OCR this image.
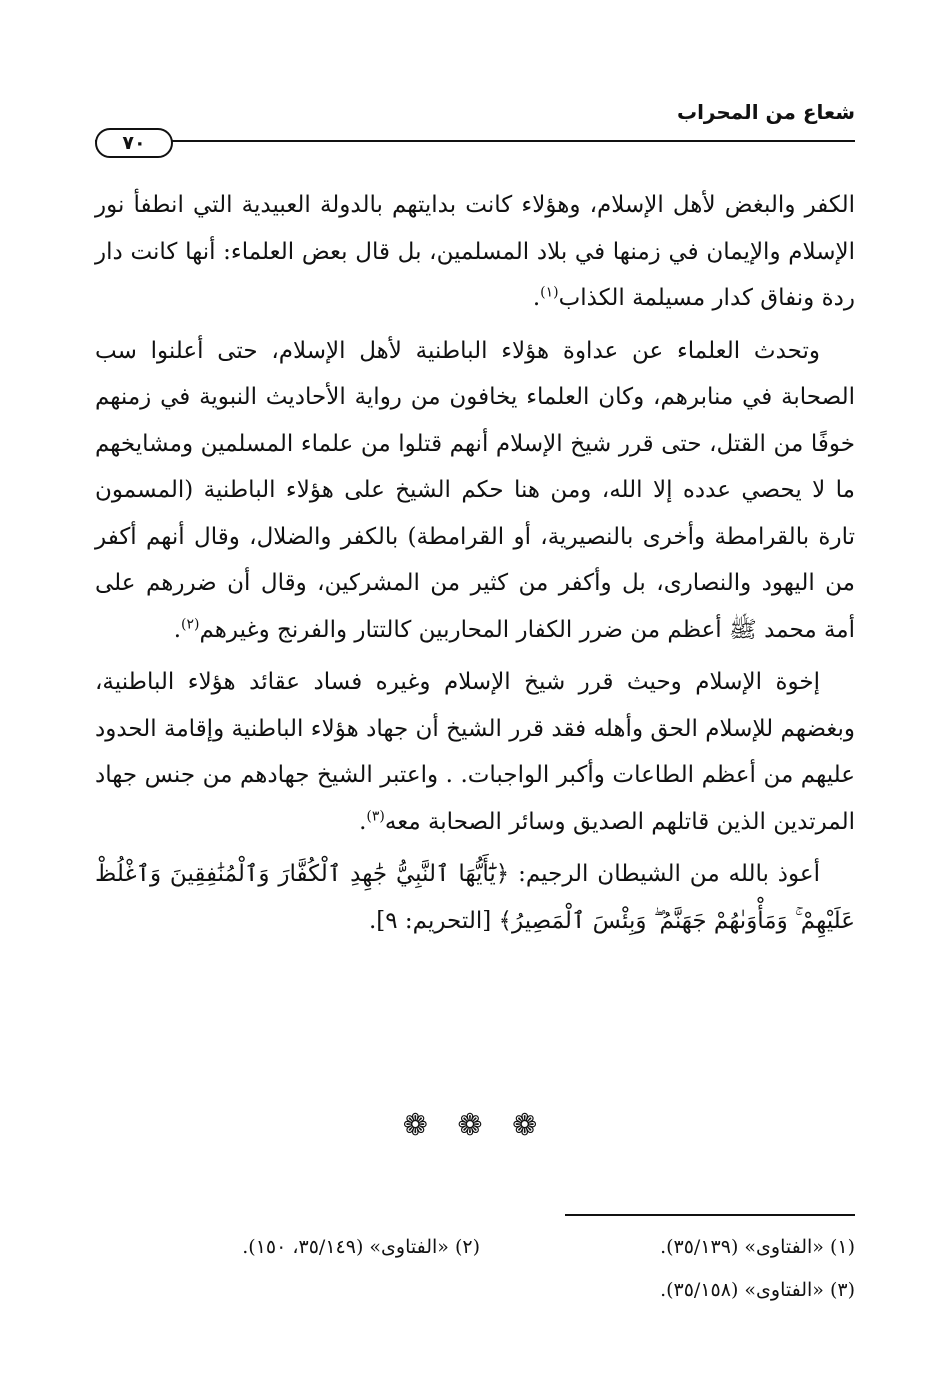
شعاع من المحراب
٧٠

الكفر والبغض لأهل الإسلام، وهؤلاء كانت بدايتهم بالدولة العبيدية التي انطفأ نور الإسلام والإيمان في زمنها في بلاد المسلمين، بل قال بعض العلماء: أنها كانت دار ردة ونفاق كدار مسيلمة الكذاب$^{(١)}$.

وتحدث العلماء عن عداوة هؤلاء الباطنية لأهل الإسلام، حتى أعلنوا سب الصحابة في منابرهم، وكان العلماء يخافون من رواية الأحاديث النبوية في زمنهم خوفًا من القتل، حتى قرر شيخ الإسلام أنهم قتلوا من علماء المسلمين ومشايخهم ما لا يحصي عدده إلا الله، ومن هنا حكم الشيخ على هؤلاء الباطنية (المسمون تارة بالقرامطة وأخرى بالنصيرية، أو القرامطة) بالكفر والضلال، وقال أنهم أكفر من اليهود والنصارى، بل وأكفر من كثير من المشركين، وقال أن ضررهم على أمة محمد ﷺ أعظم من ضرر الكفار المحاربين كالتتار والفرنج وغيرهم$^{(٢)}$.

إخوة الإسلام وحيث قرر شيخ الإسلام وغيره فساد عقائد هؤلاء الباطنية، وبغضهم للإسلام الحق وأهله فقد قرر الشيخ أن جهاد هؤلاء الباطنية وإقامة الحدود عليهم من أعظم الطاعات وأكبر الواجبات. . واعتبر الشيخ جهادهم من جنس جهاد المرتدين الذين قاتلهم الصديق وسائر الصحابة معه$^{(٣)}$.

أعوذ بالله من الشيطان الرجيم: ﴿يَٰٓأَيُّهَا ٱلنَّبِيُّ جَٰهِدِ ٱلْكُفَّارَ وَٱلْمُنَٰفِقِينَ وَٱغْلُظْ عَلَيْهِمْ ۚ وَمَأْوَىٰهُمْ جَهَنَّمُ ۖ وَبِئْسَ ٱلْمَصِيرُ﴾ [التحريم: ٩].

❁ ❁ ❁
(١) «الفتاوى» (٣٥/١٣٩).
(٢) «الفتاوى» (٣٥/١٤٩، ١٥٠).
(٣) «الفتاوى» (٣٥/١٥٨).
